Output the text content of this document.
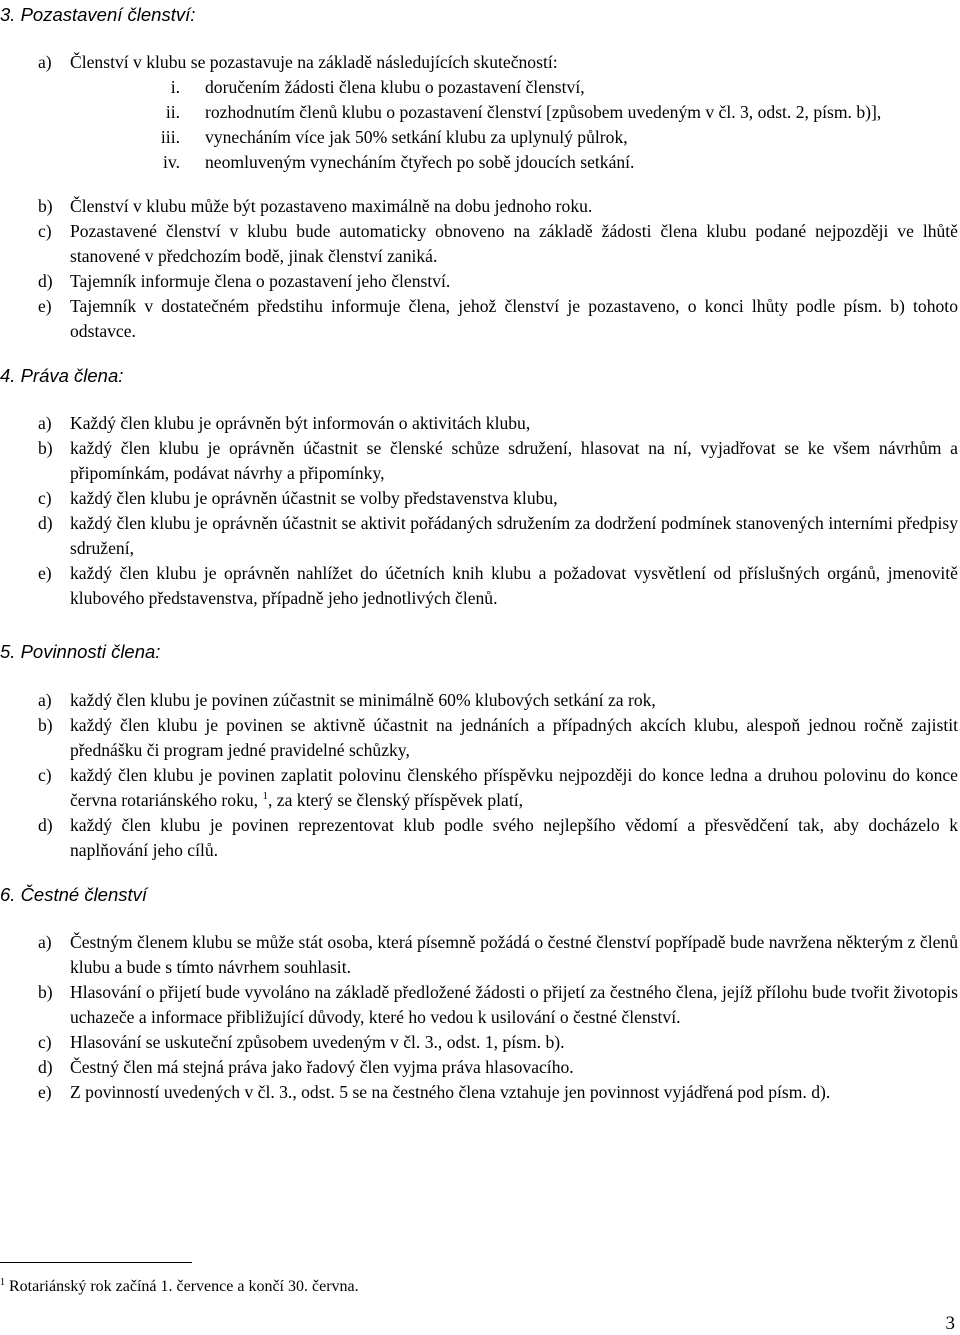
3. Pozastavení členství:
a) Členství v klubu se pozastavuje na základě následujících skutečností:
i. doručením žádosti člena klubu o pozastavení členství,
ii. rozhodnutím členů klubu o pozastavení členství [způsobem uvedeným v čl. 3, odst. 2, písm. b)],
iii. vynecháním více jak 50% setkání klubu za uplynulý půlrok,
iv. neomluveným vynecháním čtyřech po sobě jdoucích setkání.
b) Členství v klubu může být pozastaveno maximálně na dobu jednoho roku.
c) Pozastavené členství v klubu bude automaticky obnoveno na základě žádosti člena klubu podané nejpozději ve lhůtě stanovené v předchozím bodě, jinak členství zaniká.
d) Tajemník informuje člena o pozastavení jeho členství.
e) Tajemník v dostatečném předstihu informuje člena, jehož členství je pozastaveno, o konci lhůty podle písm. b) tohoto odstavce.
4. Práva člena:
a) Každý člen klubu je oprávněn být informován o aktivitách klubu,
b) každý člen klubu je oprávněn účastnit se členské schůze sdružení, hlasovat na ní, vyjadřovat se ke všem návrhům a připomínkám, podávat návrhy a připomínky,
c) každý člen klubu je oprávněn účastnit se volby představenstva klubu,
d) každý člen klubu je oprávněn účastnit se aktivit pořádaných sdružením za dodržení podmínek stanovených interními předpisy sdružení,
e) každý člen klubu je oprávněn nahlížet do účetních knih klubu a požadovat vysvětlení od příslušných orgánů, jmenovitě klubového představenstva, případně jeho jednotlivých členů.
5. Povinnosti člena:
a) každý člen klubu je povinen zúčastnit se minimálně 60% klubových setkání za rok,
b) každý člen klubu je povinen se aktivně účastnit na jednáních a případných akcích klubu, alespoň jednou ročně zajistit přednášku či program jedné pravidelné schůzky,
c) každý člen klubu je povinen zaplatit polovinu členského příspěvku nejpozději do konce ledna a druhou polovinu do konce června rotariánského roku, $^1$, za který se členský příspěvek platí,
d) každý člen klubu je povinen reprezentovat klub podle svého nejlepšího vědomí a přesvědčení tak, aby docházelo k naplňování jeho cílů.
6. Čestné členství
a) Čestným členem klubu se může stát osoba, která písemně požádá o čestné členství popřípadě bude navržena některým z členů klubu a bude s tímto návrhem souhlasit.
b) Hlasování o přijetí bude vyvoláno na základě předložené žádosti o přijetí za čestného člena, jejíž přílohu bude tvořit životopis uchazeče a informace přibližující důvody, které ho vedou k usilování o čestné členství.
c) Hlasování se uskuteční způsobem uvedeným v čl. 3., odst. 1, písm. b).
d) Čestný člen má stejná práva jako řadový člen vyjma práva hlasovacího.
e) Z povinností uvedených v čl. 3., odst. 5 se na čestného člena vztahuje jen povinnost vyjádřená pod písm. d).
$^1$ Rotariánský rok začíná 1. července a končí 30. června.
3
